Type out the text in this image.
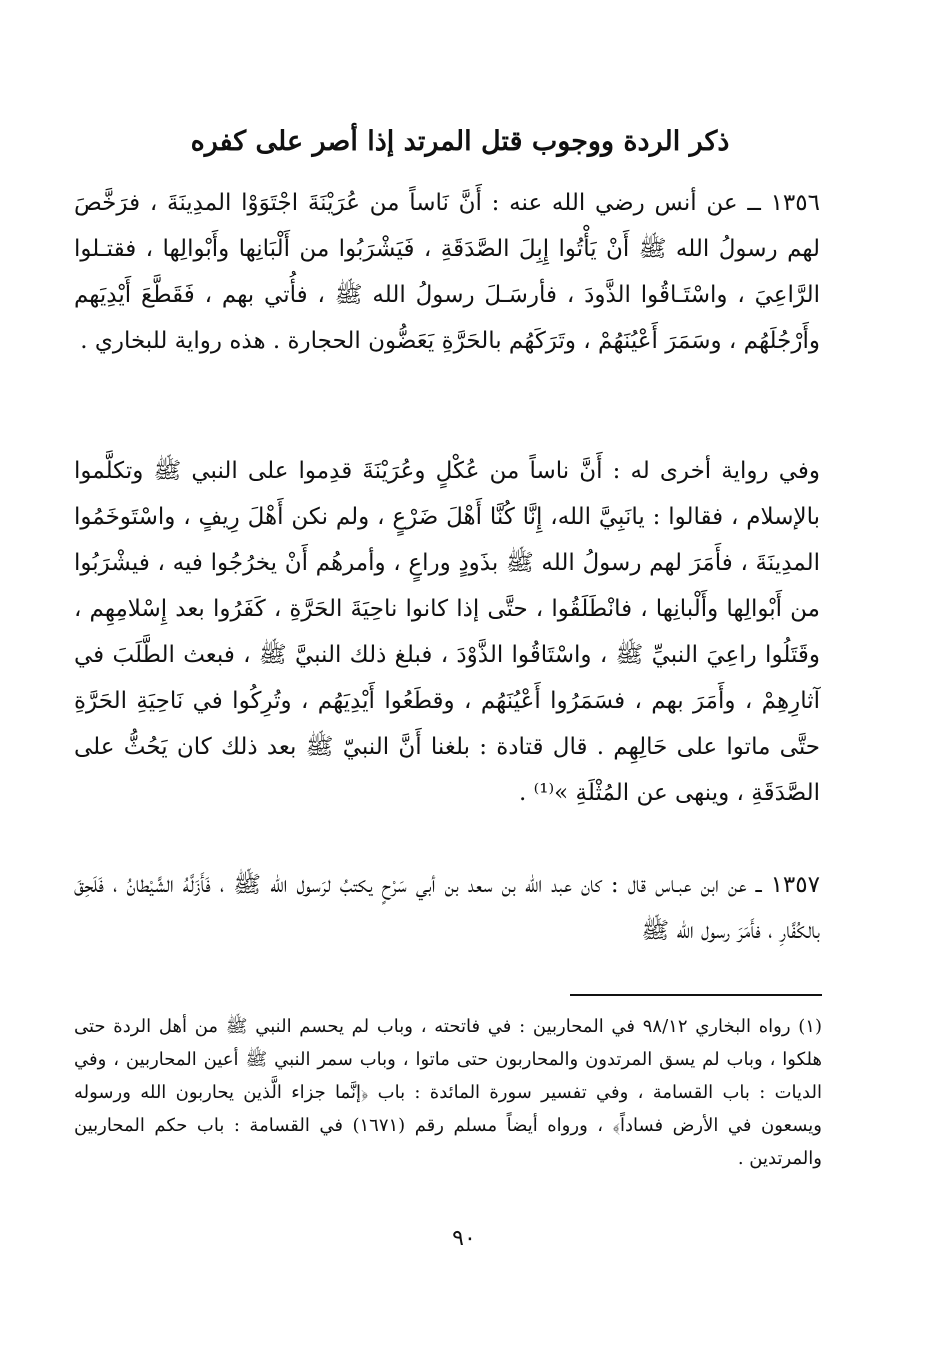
ذكر الردة ووجوب قتل المرتد إذا أصر على كفره

١٣٥٦ ــ عن أنس رضي الله عنه : أَنَّ نَاساً من عُرَيْنَةَ اجْتَوَوْا المدِينَةَ ، فرَخَّصَ لهم رسولُ الله ﷺ أَنْ يَأْتُوا إِبِلَ الصَّدَقَةِ ، فَيَشْرَبُوا من أَلْبَانِها وأَبْوالِها ، فقتـلوا الرَّاعِيَ ، واسْتَـاقُوا الذَّودَ ، فأرسَـلَ رسولُ الله ﷺ ، فأُتي بهم ، فَقَطَّعَ أَيْدِيَهم وأَرْجُلَهُم ، وسَمَرَ أَعْيُنَهُمْ ، وتَرَكَهُم بالحَرَّةِ يَعَضُّون الحجارة . هذه رواية للبخاري .

وفي رواية أخرى له : أَنَّ ناساً من عُكْلٍ وعُرَيْنَةَ قدِموا على النبي ﷺ وتكلَّموا بالإسلام ، فقالوا : يانَبِيَّ الله، إِنَّا كُنَّا أَهْلَ ضَرْعٍ ، ولم نكن أَهْلَ رِيفٍ ، واسْتَوخَمُوا المدِينَةَ ، فأَمَرَ لهم رسولُ الله ﷺ بذَودٍ وراعٍ ، وأمرهُم أَنْ يخرُجُوا فيه ، فيشْرَبُوا من أَبْوالِها وأَلْبانِها ، فانْطَلَقُوا ، حتَّى إذا كانوا ناحِيَةَ الحَرَّةِ ، كَفَرُوا بعد إِسْلامِهِم ، وقَتَلُوا راعِيَ النبيِّ ﷺ ، واسْتَاقُوا الذَّوْدَ ، فبلغ ذلك النبيَّ ﷺ ، فبعث الطَّلَبَ في آثارِهِمْ ، وأَمَرَ بهم ، فسَمَرُوا أَعْيُنَهُم ، وقطَعُوا أَيْدِيَهُم ، وتُرِكُوا في نَاحِيَةِ الحَرَّةِ حتَّى ماتوا على حَالِهِم . قال قتادة : بلغنا أَنَّ النبيّ ﷺ بعد ذلك كان يَحُثُّ على الصَّدَقَةِ ، وينهى عن المُثْلَةِ »⁽¹⁾ .

١٣٥٧ ــ عن ابن عبـاس قال : كان عبد الله بن سعد بن أبي سَرْحٍ يكتبُ لرَسول الله ﷺ ، فَأَزَلَّهُ الشَّيْطانُ ، فَلَحِقَ بالكُفَّارِ ، فأَمَرَ رسول الله ﷺ

(١) رواه البخاري ٩٨/١٢ في المحاربين : في فاتحته ، وباب لم يحسم النبي ﷺ من أهل الردة حتى هلكوا ، وباب لم يسق المرتدون والمحاربون حتى ماتوا ، وباب سمر النبي ﷺ أعين المحاربين ، وفي الديات : باب القسامة ، وفي تفسير سورة المائدة : باب ﴿إنَّما جزاء الَّذين يحاربون الله ورسوله ويسعون في الأرض فساداً﴾ ، ورواه أيضاً مسلم رقم (١٦٧١) في القسامة : باب حكم المحاربين والمرتدين .

٩٠
